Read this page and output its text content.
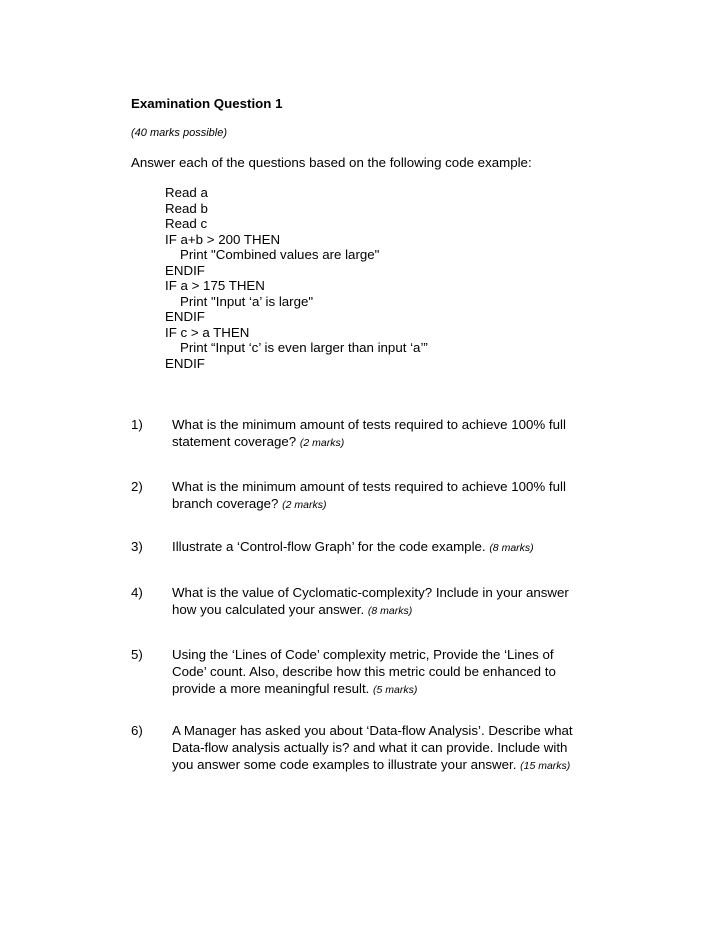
Examination Question 1

(40 marks possible)

Answer each of the questions based on the following code example:

Read a
Read b
Read c
IF a+b > 200 THEN
Print "Combined values are large"
ENDIF
IF a > 175 THEN
Print "Input ‘a’ is large"
ENDIF
IF c > a THEN
Print “Input ‘c’ is even larger than input ‘a’”
ENDIF
1) What is the minimum amount of tests required to achieve 100% full
statement coverage? (2 marks)
2) What is the minimum amount of tests required to achieve 100% full
branch coverage? (2 marks)
3) Illustrate a ‘Control-flow Graph’ for the code example. (8 marks)
4) What is the value of Cyclomatic-complexity? Include in your answer
how you calculated your answer. (8 marks)
5) Using the ‘Lines of Code’ complexity metric, Provide the ‘Lines of
Code’ count. Also, describe how this metric could be enhanced to
provide a more meaningful result. (5 marks)
6) A Manager has asked you about ‘Data-flow Analysis’. Describe what
Data-flow analysis actually is? and what it can provide. Include with
you answer some code examples to illustrate your answer. (15 marks)
